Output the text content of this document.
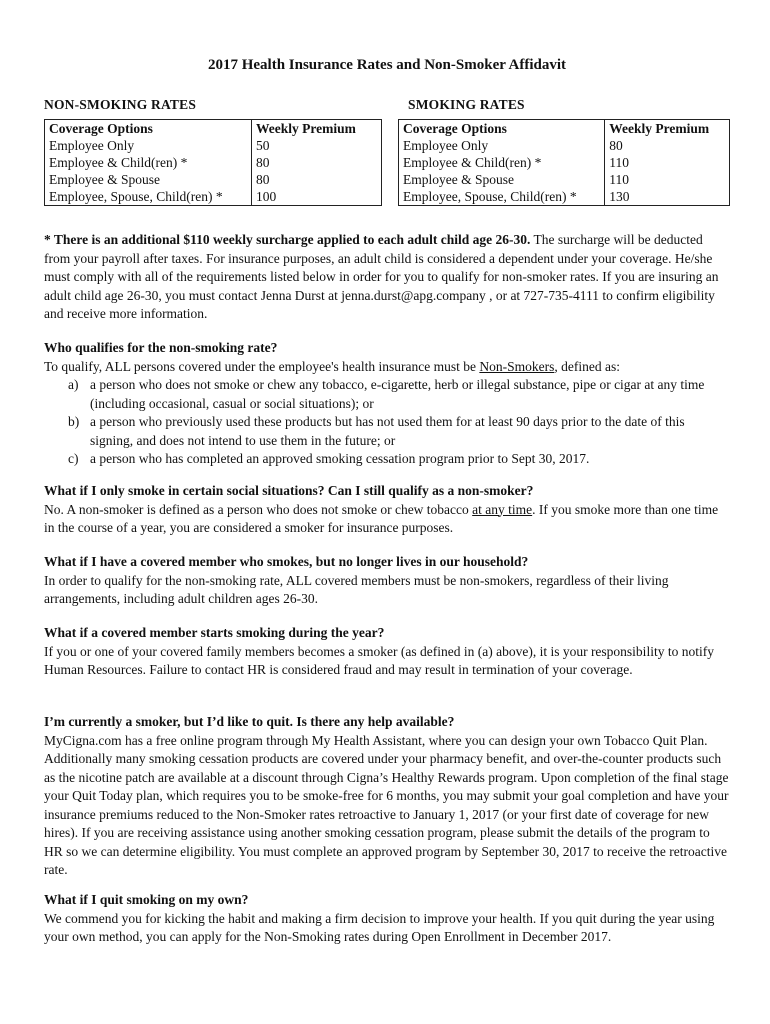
2017 Health Insurance Rates and Non-Smoker Affidavit
NON-SMOKING RATES
Coverage Options	Weekly Premium
Employee Only	50
Employee & Child(ren) *	80
Employee & Spouse	80
Employee, Spouse, Child(ren) *	100
SMOKING RATES
Coverage Options	Weekly Premium
Employee Only	80
Employee & Child(ren) *	110
Employee & Spouse	110
Employee, Spouse, Child(ren) *	130
* There is an additional $110 weekly surcharge applied to each adult child age 26-30. The surcharge will be deducted from your payroll after taxes. For insurance purposes, an adult child is considered a dependent under your coverage. He/she must comply with all of the requirements listed below in order for you to qualify for non-smoker rates. If you are insuring an adult child age 26-30, you must contact Jenna Durst at jenna.durst@apg.company , or at 727-735-4111 to confirm eligibility and receive more information.
Who qualifies for the non-smoking rate?
To qualify, ALL persons covered under the employee's health insurance must be Non-Smokers, defined as:
a) a person who does not smoke or chew any tobacco, e-cigarette, herb or illegal substance, pipe or cigar at any time (including occasional, casual or social situations); or
b) a person who previously used these products but has not used them for at least 90 days prior to the date of this signing, and does not intend to use them in the future; or
c) a person who has completed an approved smoking cessation program prior to Sept 30, 2017.
What if I only smoke in certain social situations? Can I still qualify as a non-smoker?
No. A non-smoker is defined as a person who does not smoke or chew tobacco at any time. If you smoke more than one time in the course of a year, you are considered a smoker for insurance purposes.
What if I have a covered member who smokes, but no longer lives in our household?
In order to qualify for the non-smoking rate, ALL covered members must be non-smokers, regardless of their living arrangements, including adult children ages 26-30.
What if a covered member starts smoking during the year?
If you or one of your covered family members becomes a smoker (as defined in (a) above), it is your responsibility to notify Human Resources. Failure to contact HR is considered fraud and may result in termination of your coverage.
I’m currently a smoker, but I’d like to quit. Is there any help available?
MyCigna.com has a free online program through My Health Assistant, where you can design your own Tobacco Quit Plan. Additionally many smoking cessation products are covered under your pharmacy benefit, and over-the-counter products such as the nicotine patch are available at a discount through Cigna’s Healthy Rewards program. Upon completion of the final stage your Quit Today plan, which requires you to be smoke-free for 6 months, you may submit your goal completion and have your insurance premiums reduced to the Non-Smoker rates retroactive to January 1, 2017 (or your first date of coverage for new hires). If you are receiving assistance using another smoking cessation program, please submit the details of the program to HR so we can determine eligibility. You must complete an approved program by September 30, 2017 to receive the retroactive rate.
What if I quit smoking on my own?
We commend you for kicking the habit and making a firm decision to improve your health. If you quit during the year using your own method, you can apply for the Non-Smoking rates during Open Enrollment in December 2017.
